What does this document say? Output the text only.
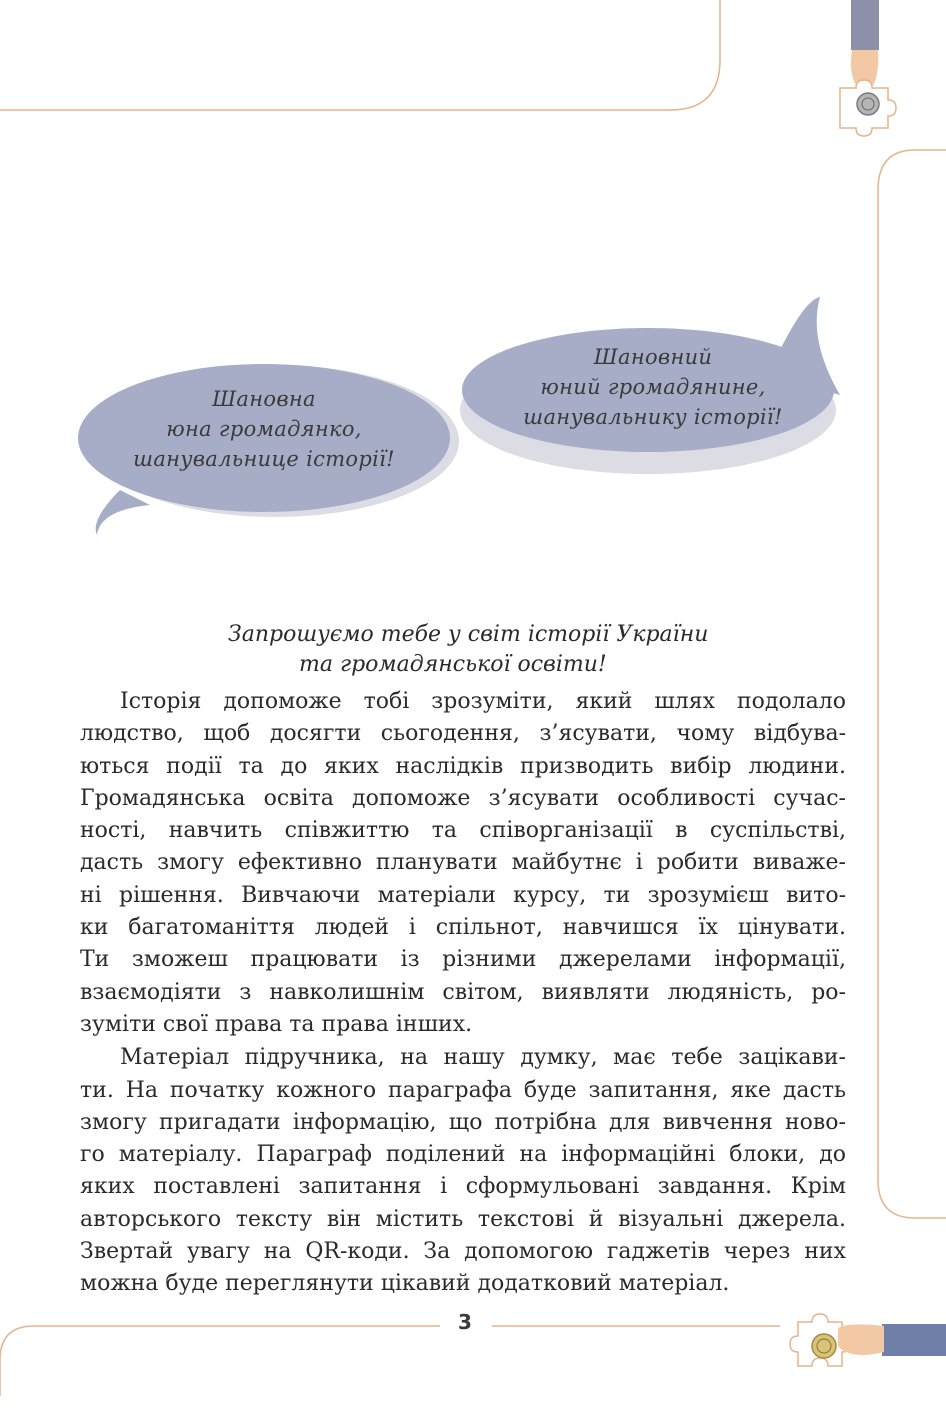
Шановна
юна громадянко,
шанувальнице історії!
Шановний
юний громадянине,
шанувальнику історії!
Запрошуємо тебе у світ історії України
та громадянської освіти!

Історія допоможе тобі зрозуміти, який шлях подолало
людство, щоб досягти сьогодення, з’ясувати, чому відбува-
ються події та до яких наслідків призводить вибір людини.
Громадянська освіта допоможе з’ясувати особливості сучас-
ності, навчить співжиттю та співорганізації в суспільстві,
дасть змогу ефективно планувати майбутнє і робити виваже-
ні рішення. Вивчаючи матеріали курсу, ти зрозумієш вито-
ки багатоманіття людей і спільнот, навчишся їх цінувати.
Ти зможеш працювати із різними джерелами інформації,
взаємодіяти з навколишнім світом, виявляти людяність, ро-
зуміти свої права та права інших.

Матеріал підручника, на нашу думку, має тебе зацікави-
ти. На початку кожного параграфа буде запитання, яке дасть
змогу пригадати інформацію, що потрібна для вивчення ново-
го матеріалу. Параграф поділений на інформаційні блоки, до
яких поставлені запитання і сформульовані завдання. Крім
авторського тексту він містить текстові й візуальні джерела.
Звертай увагу на QR-коди. За допомогою гаджетів через них
можна буде переглянути цікавий додатковий матеріал.

3
